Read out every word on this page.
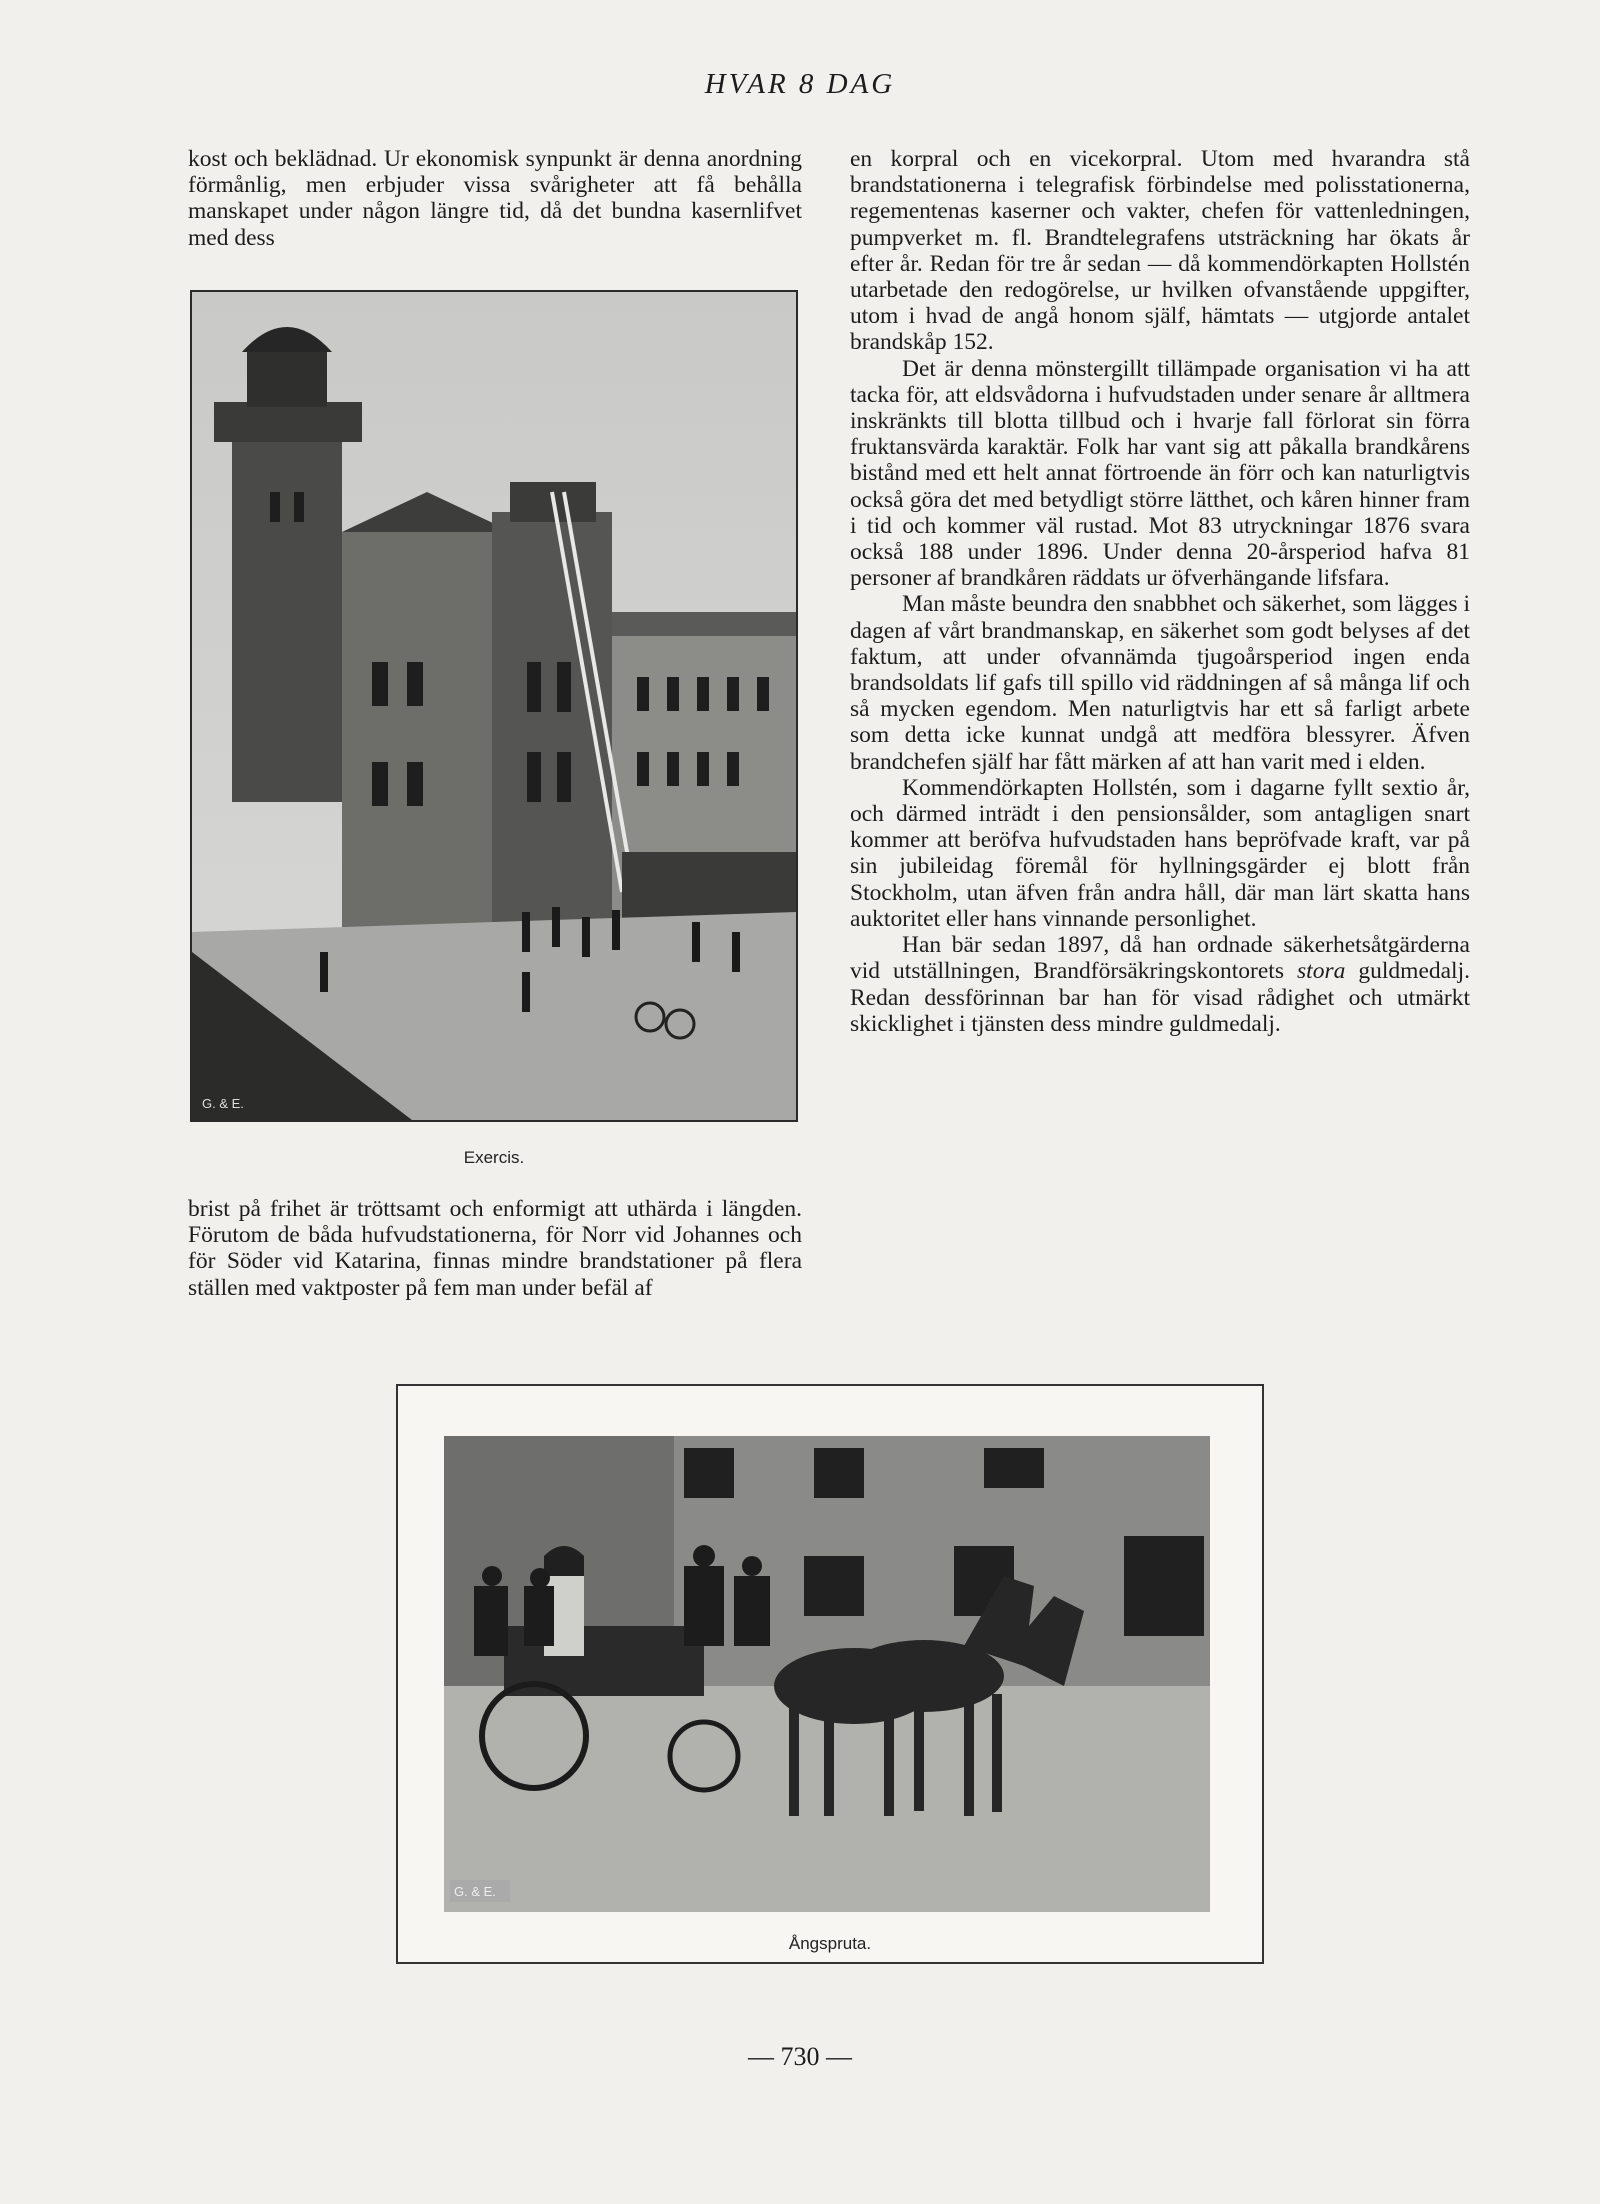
HVAR 8 DAG

kost och beklädnad. Ur ekonomisk synpunkt är denna anordning förmånlig, men erbjuder vissa svårigheter att få behålla manskapet under någon längre tid, då det bundna kasernlifvet med dess

G. & E.
Exercis.

brist på frihet är tröttsamt och enformigt att uthärda i längden. Förutom de båda hufvudstationerna, för Norr vid Johannes och för Söder vid Katarina, finnas mindre brandstationer på flera ställen med vaktposter på fem man under befäl af

en korpral och en vicekorpral. Utom med hvarandra stå brandstationerna i telegrafisk förbindelse med polisstationerna, regementenas kaserner och vakter, chefen för vattenledningen, pumpverket m. fl. Brandtelegrafens utsträckning har ökats år efter år. Redan för tre år sedan — då kommendörkapten Hollstén utarbetade den redogörelse, ur hvilken ofvanstående uppgifter, utom i hvad de angå honom själf, hämtats — utgjorde antalet brandskåp 152.

Det är denna mönstergillt tillämpade organisation vi ha att tacka för, att eldsvådorna i hufvudstaden under senare år alltmera inskränkts till blotta tillbud och i hvarje fall förlorat sin förra fruktansvärda karaktär. Folk har vant sig att påkalla brandkårens bistånd med ett helt annat förtroende än förr och kan naturligtvis också göra det med betydligt större lätthet, och kåren hinner fram i tid och kommer väl rustad. Mot 83 utryckningar 1876 svara också 188 under 1896. Under denna 20-årsperiod hafva 81 personer af brandkåren räddats ur öfverhängande lifsfara.

Man måste beundra den snabbhet och säkerhet, som lägges i dagen af vårt brandmanskap, en säkerhet som godt belyses af det faktum, att under ofvannämda tjugoårsperiod ingen enda brandsoldats lif gafs till spillo vid räddningen af så många lif och så mycken egendom. Men naturligtvis har ett så farligt arbete som detta icke kunnat undgå att medföra blessyrer. Äfven brandchefen själf har fått märken af att han varit med i elden.

Kommendörkapten Hollstén, som i dagarne fyllt sextio år, och därmed inträdt i den pensionsålder, som antagligen snart kommer att beröfva hufvudstaden hans bepröfvade kraft, var på sin jubileidag föremål för hyllningsgärder ej blott från Stockholm, utan äfven från andra håll, där man lärt skatta hans auktoritet eller hans vinnande personlighet.

Han bär sedan 1897, då han ordnade säkerhetsåtgärderna vid utställningen, Brandförsäkringskontorets stora guldmedalj. Redan dessförinnan bar han för visad rådighet och utmärkt skicklighet i tjänsten dess mindre guldmedalj.

G. & E.
Ångspruta.
— 730 —
